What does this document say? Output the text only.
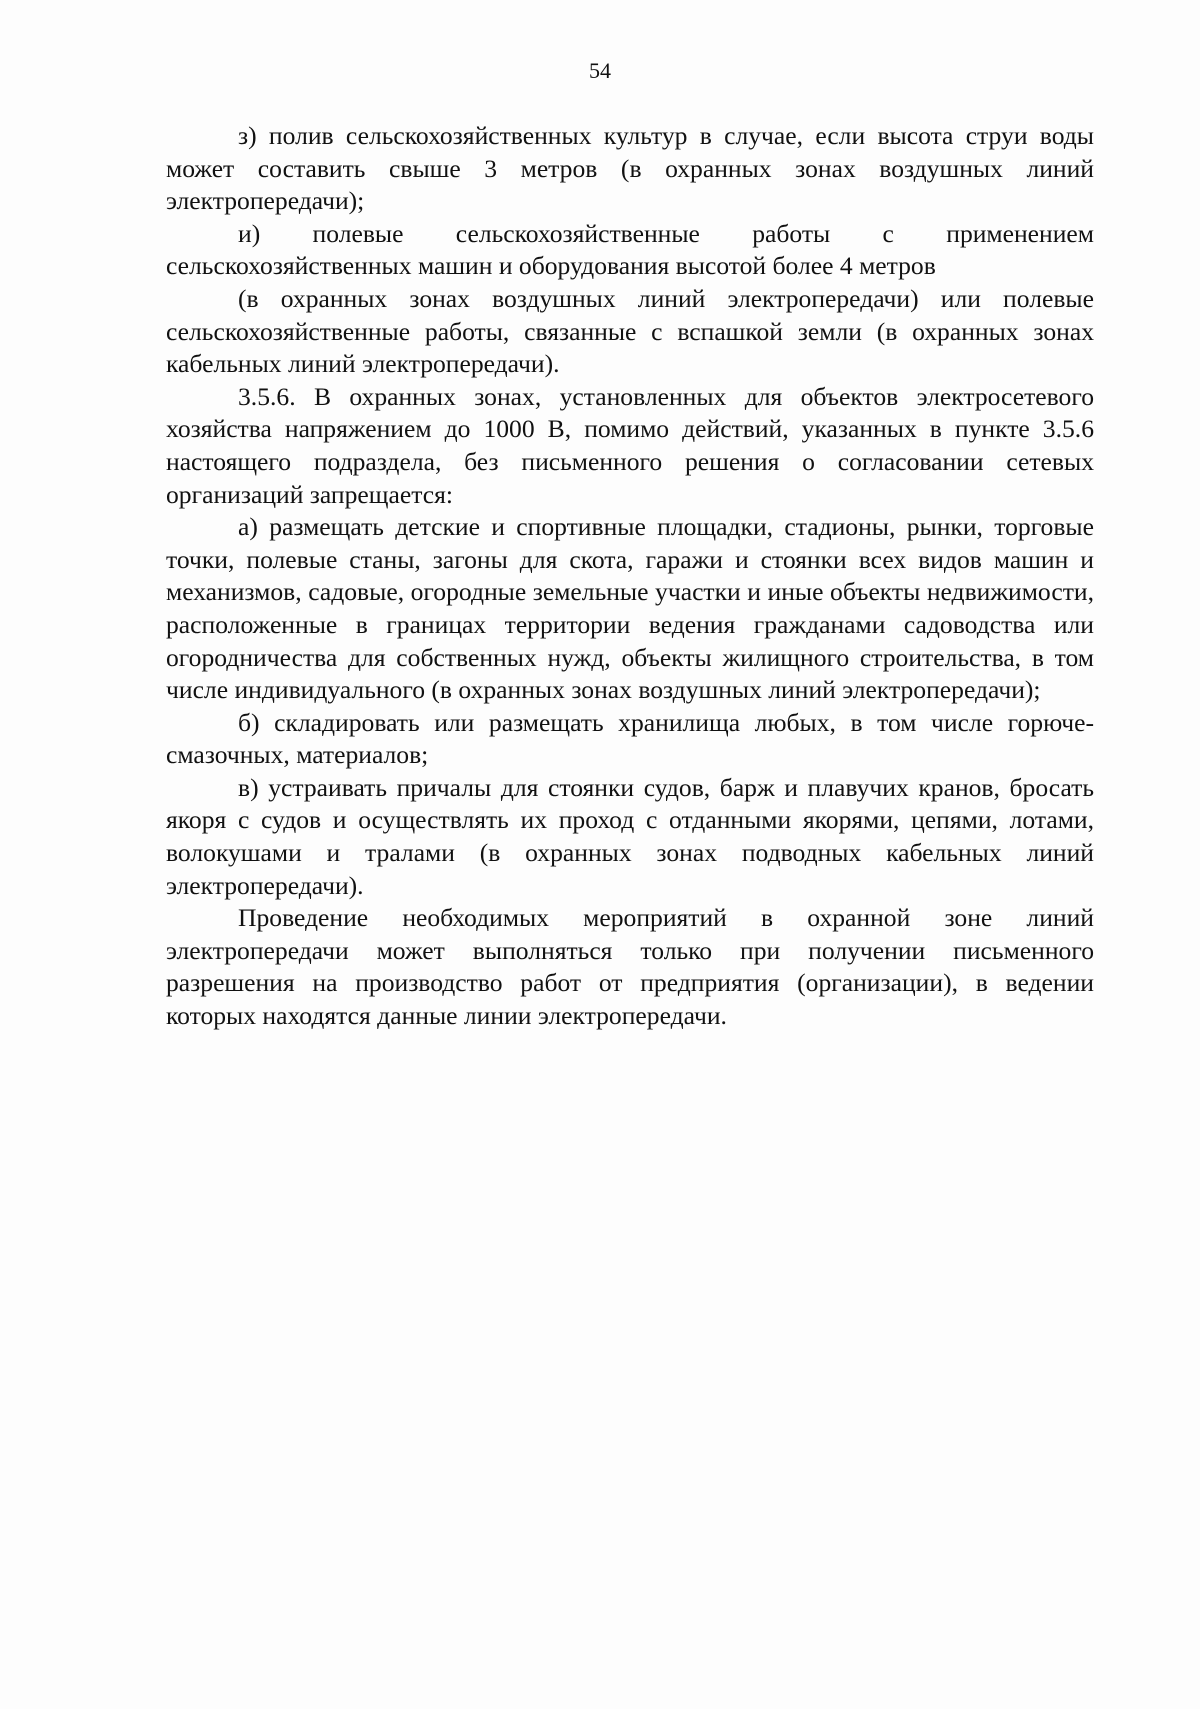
54

з) полив сельскохозяйственных культур в случае, если высота струи воды может составить свыше 3 метров (в охранных зонах воздушных линий электропередачи);

и) полевые сельскохозяйственные работы с применением сельскохозяйственных машин и оборудования высотой более 4 метров

(в охранных зонах воздушных линий электропередачи) или полевые сельскохозяйственные работы, связанные с вспашкой земли (в охранных зонах кабельных линий электропередачи).

3.5.6. В охранных зонах, установленных для объектов электросетевого хозяйства напряжением до 1000 В, помимо действий, указанных в пункте 3.5.6 настоящего подраздела, без письменного решения о согласовании сетевых организаций запрещается:

а) размещать детские и спортивные площадки, стадионы, рынки, торговые точки, полевые станы, загоны для скота, гаражи и стоянки всех видов машин и механизмов, садовые, огородные земельные участки и иные объекты недвижимости, расположенные в границах территории ведения гражданами садоводства или огородничества для собственных нужд, объекты жилищного строительства, в том числе индивидуального (в охранных зонах воздушных линий электропередачи);

б) складировать или размещать хранилища любых, в том числе горюче-смазочных, материалов;

в) устраивать причалы для стоянки судов, барж и плавучих кранов, бросать якоря с судов и осуществлять их проход с отданными якорями, цепями, лотами, волокушами и тралами (в охранных зонах подводных кабельных линий электропередачи).

Проведение необходимых мероприятий в охранной зоне линий электропередачи может выполняться только при получении письменного разрешения на производство работ от предприятия (организации), в ведении которых находятся данные линии электропередачи.
